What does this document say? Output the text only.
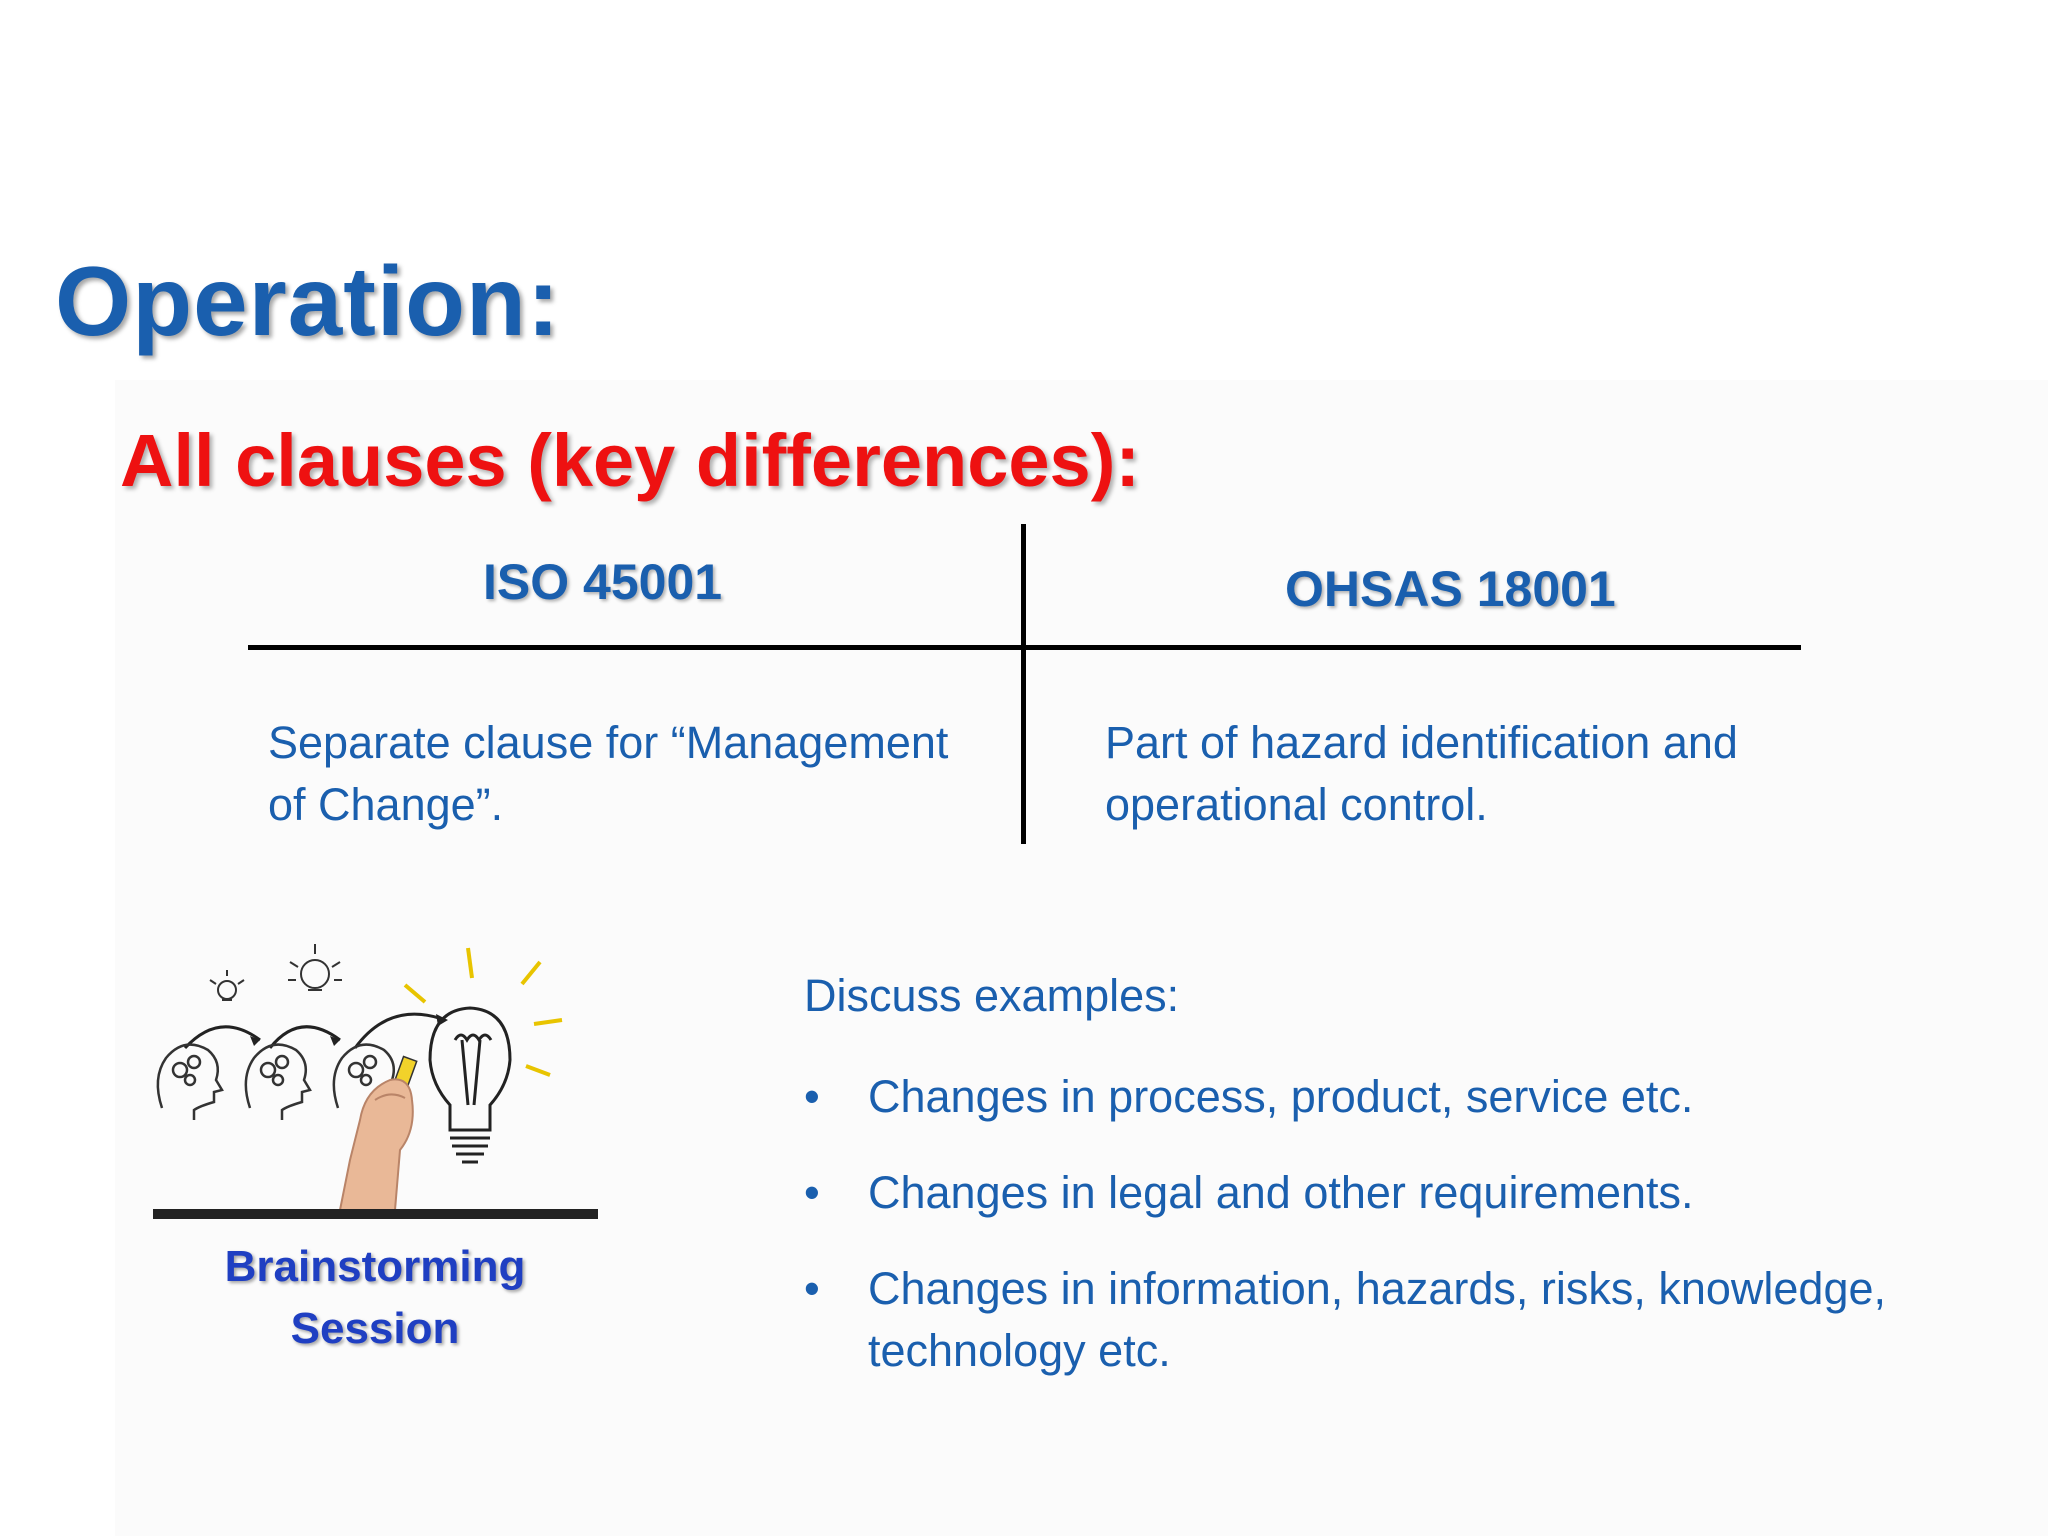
Operation:
All clauses (key differences):
ISO 45001	OHSAS 18001
Separate clause for “Management of Change”.
Part of hazard identification and operational control.
Brainstorming
Session
Discuss examples:
• Changes in process, product, service etc.
• Changes in legal and other requirements.
• Changes in information, hazards, risks, knowledge, technology etc.
